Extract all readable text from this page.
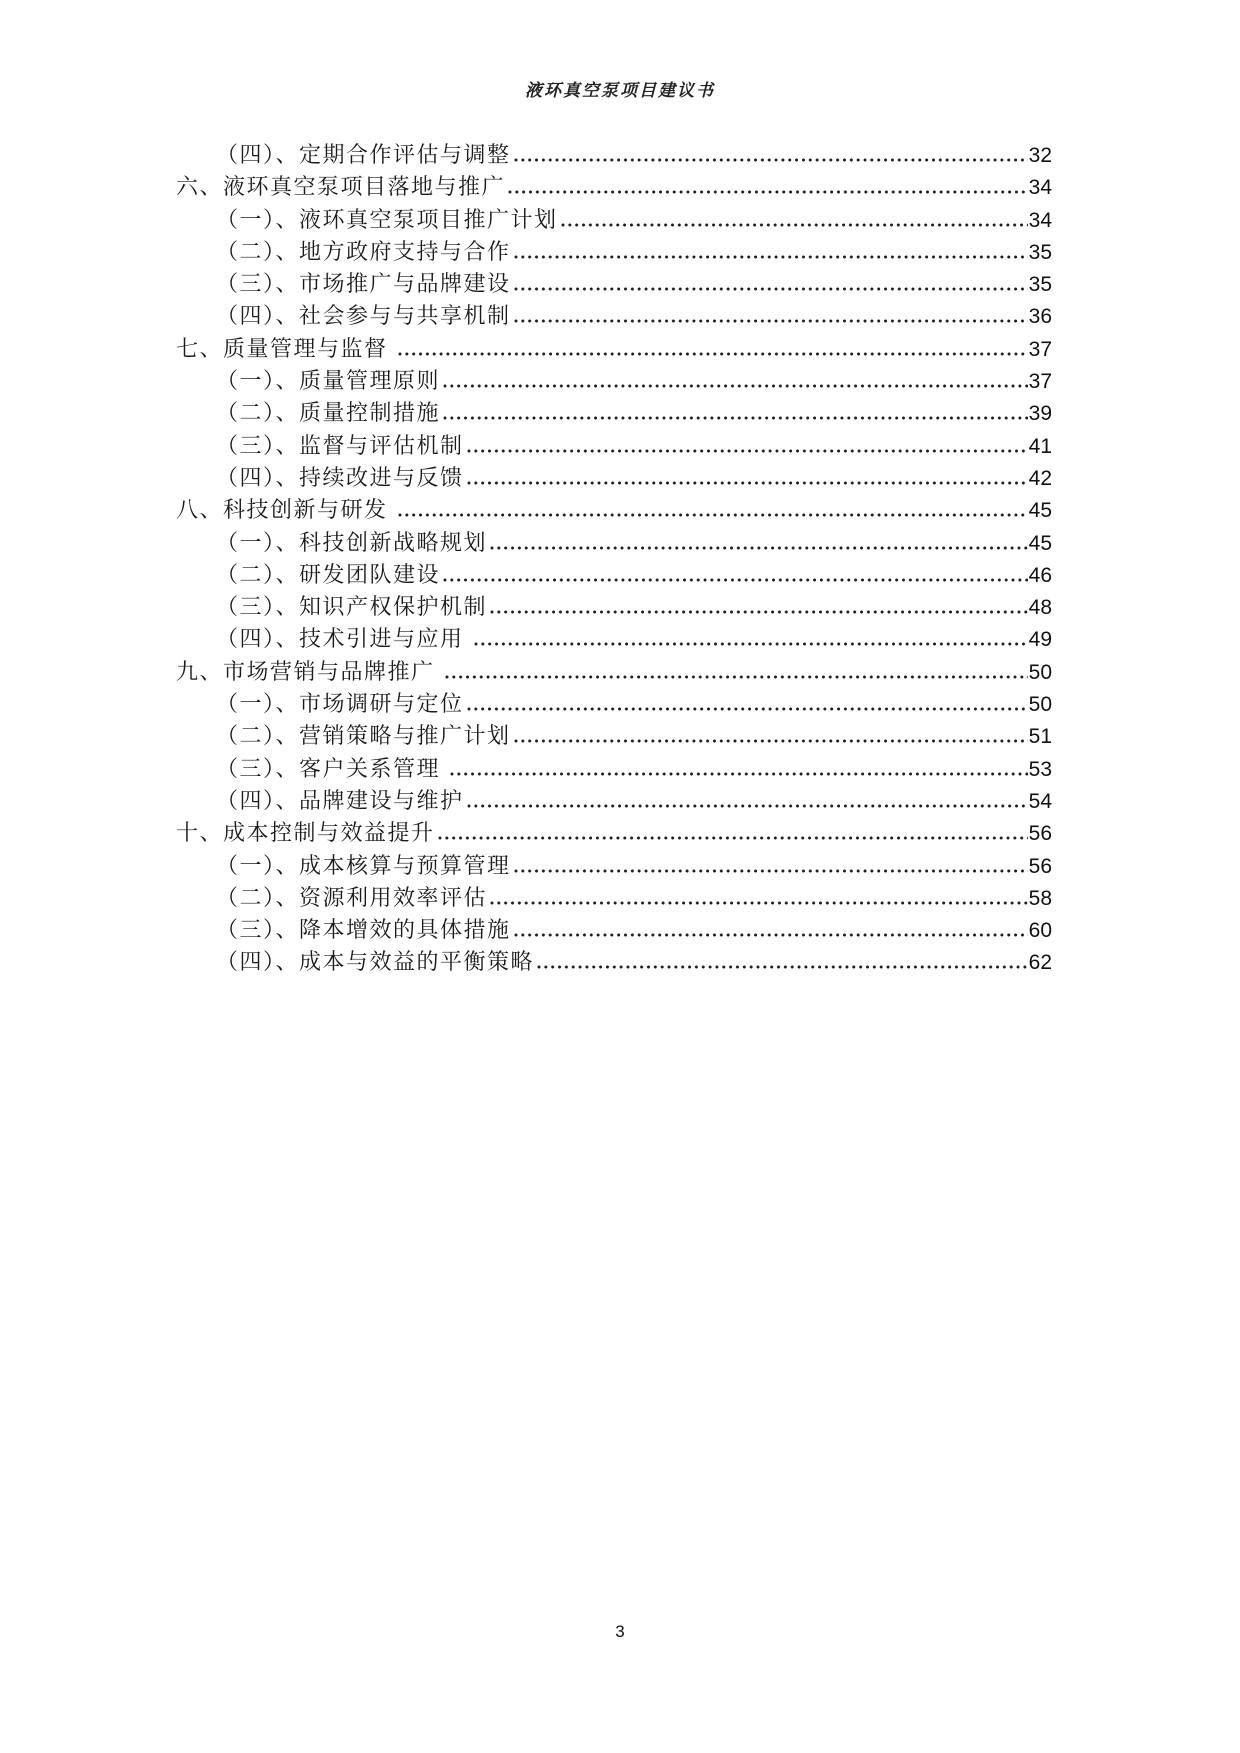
液环真空泵项目建议书
（四）、定期合作评估与调整	32
六、液环真空泵项目落地与推广	34
（一）、液环真空泵项目推广计划	34
（二）、地方政府支持与合作	35
（三）、市场推广与品牌建设	35
（四）、社会参与与共享机制	36
七、质量管理与监督	37
（一）、质量管理原则	37
（二）、质量控制措施	39
（三）、监督与评估机制	41
（四）、持续改进与反馈	42
八、科技创新与研发	45
（一）、科技创新战略规划	45
（二）、研发团队建设	46
（三）、知识产权保护机制	48
（四）、技术引进与应用	49
九、市场营销与品牌推广	50
（一）、市场调研与定位	50
（二）、营销策略与推广计划	51
（三）、客户关系管理	53
（四）、品牌建设与维护	54
十、成本控制与效益提升	56
（一）、成本核算与预算管理	56
（二）、资源利用效率评估	58
（三）、降本增效的具体措施	60
（四）、成本与效益的平衡策略	62
3
